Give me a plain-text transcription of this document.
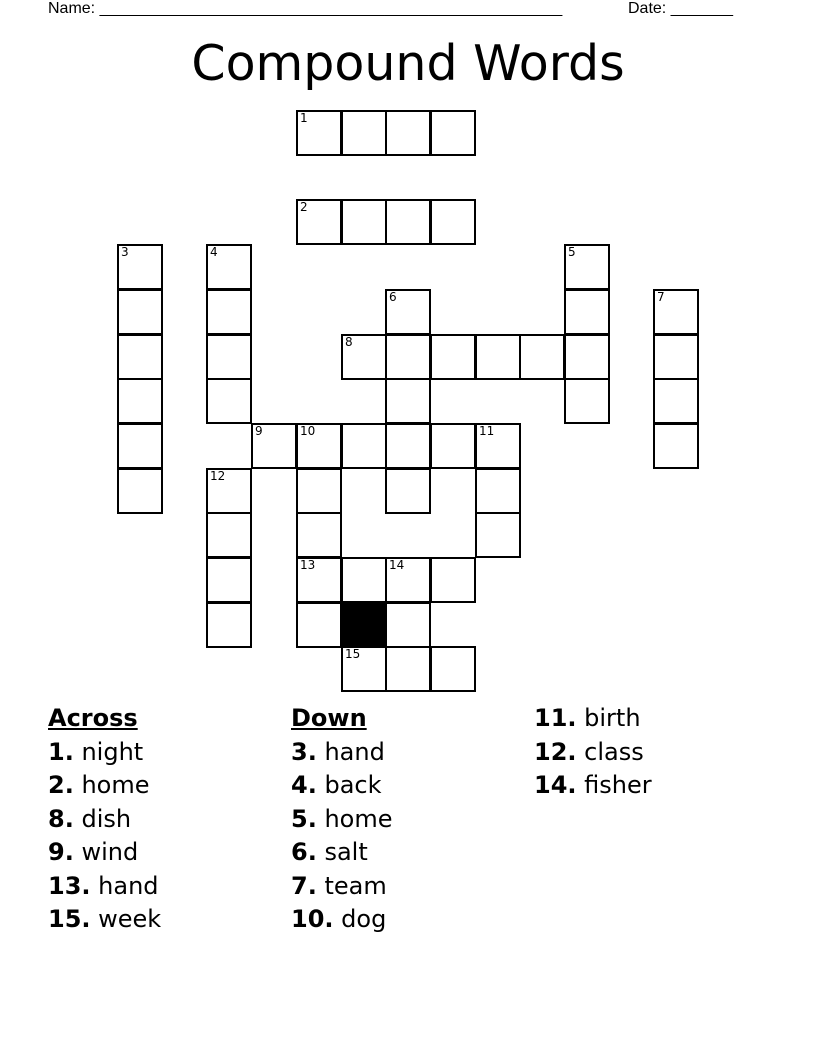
Name: ____________________________________________________	Date: _______
Compound Words
1
2
3	4	5
6	7
8
9	10	11
13
12
14
15
Across
1. night
2. home
8. dish
9. wind
13. hand
15. week
Down
3. hand
4. back
5. home
6. salt
7. team
10. dog
11. birth
12. class
14. fisher
